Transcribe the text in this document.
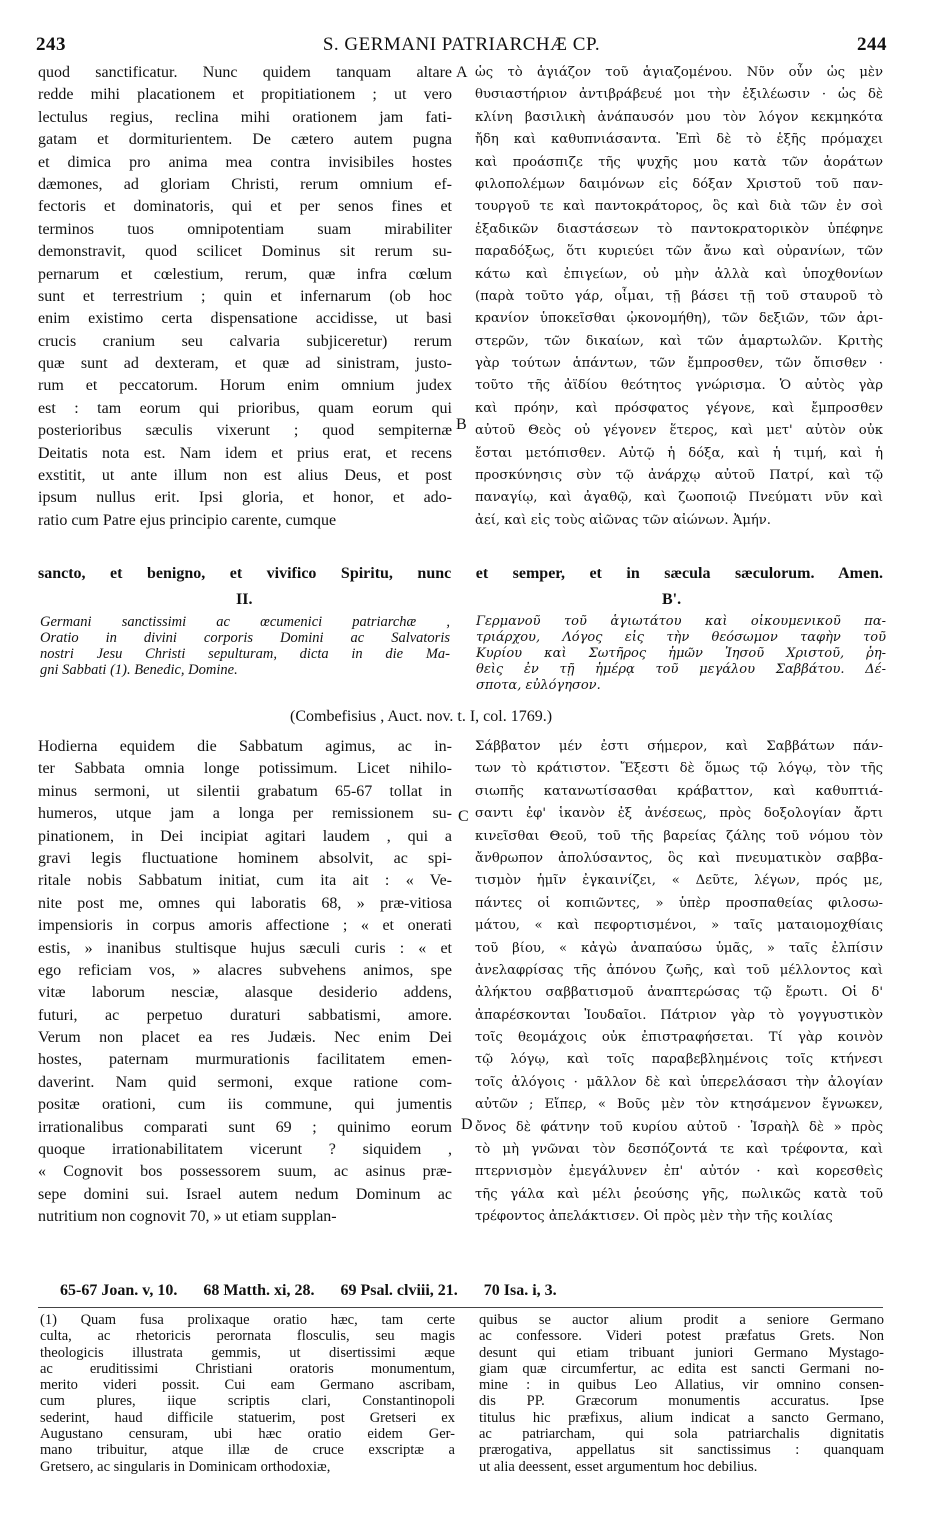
243	S. GERMANI PATRIARCHÆ CP.	244
quod sanctificatur. Nunc quidem tanquam altare
redde mihi placationem et propitiationem ; ut vero
lectulus regius, reclina mihi orationem jam fati-
gatam et dormiturientem. De cætero autem pugna
et dimica pro anima mea contra invisibiles hostes
dæmones, ad gloriam Christi, rerum omnium ef-
fectoris et dominatoris, qui et per senos fines et
terminos tuos omnipotentiam suam mirabiliter
demonstravit, quod scilicet Dominus sit rerum su-
pernarum et cœlestium, rerum, quæ infra cœlum
sunt et terrestrium ; quin et infernarum (ob hoc
enim existimo certa dispensatione accidisse, ut basi
crucis cranium seu calvaria subjiceretur) rerum
quæ sunt ad dexteram, et quæ ad sinistram, justo-
rum et peccatorum. Horum enim omnium judex
est : tam eorum qui prioribus, quam eorum qui
posterioribus sæculis vixerunt ; quod sempiternæ
Deitatis nota est. Nam idem et prius erat, et recens
exstitit, ut ante illum non est alius Deus, et post
ipsum nullus erit. Ipsi gloria, et honor, et ado-
ratio cum Patre ejus principio carente, cumque
ὡς τὸ ἁγιάζον τοῦ ἁγιαζομένου. Νῦν οὖν ὡς μὲν
θυσιαστήριον ἀντιβράβευέ μοι τὴν ἐξιλέωσιν · ὡς δὲ
κλίνη βασιλικὴ ἀνάπαυσόν μου τὸν λόγον κεκμηκότα
ἤδη καὶ καθυπνιάσαντα. Ἐπὶ δὲ τὸ ἑξῆς πρόμαχει
καὶ προάσπιζε τῆς ψυχῆς μου κατὰ τῶν ἀοράτων
φιλοπολέμων δαιμόνων εἰς δόξαν Χριστοῦ τοῦ παν-
τουργοῦ τε καὶ παντοκράτορος, ὃς καὶ διὰ τῶν ἐν σοὶ
ἑξαδικῶν διαστάσεων τὸ παντοκρατορικὸν ὑπέφηνε
παραδόξως, ὅτι κυριεύει τῶν ἄνω καὶ οὐρανίων, τῶν
κάτω καὶ ἐπιγείων, οὐ μὴν ἀλλὰ καὶ ὑποχθονίων
(παρὰ τοῦτο γάρ, οἶμαι, τῇ βάσει τῇ τοῦ σταυροῦ τὸ
κρανίον ὑποκεῖσθαι ᾠκονομήθη), τῶν δεξιῶν, τῶν ἀρι-
στερῶν, τῶν δικαίων, καὶ τῶν ἁμαρτωλῶν. Κριτὴς
γὰρ τούτων ἁπάντων, τῶν ἔμπροσθεν, τῶν ὄπισθεν ·
τοῦτο τῆς ἀϊδίου θεότητος γνώρισμα. Ὁ αὐτὸς γὰρ
καὶ πρόην, καὶ πρόσφατος γέγονε, καὶ ἔμπροσθεν
αὐτοῦ Θεὸς οὐ γέγονεν ἕτερος, καὶ μετ' αὐτὸν οὐκ
ἔσται μετόπισθεν. Αὐτῷ ἡ δόξα, καὶ ἡ τιμή, καὶ ἡ
προσκύνησις σὺν τῷ ἀνάρχῳ αὐτοῦ Πατρί, καὶ τῷ
παναγίῳ, καὶ ἀγαθῷ, καὶ ζωοποιῷ Πνεύματι νῦν καὶ
ἀεί, καὶ εἰς τοὺς αἰῶνας τῶν αἰώνων. Ἀμήν.
A
B
C
D
sancto, et benigno, et vivifico Spiritu, nunc et semper, et in sæcula sæculorum. Amen.
II.	Β'.
Germani sanctissimi ac œcumenici patriarchæ ,
Oratio in divini corporis Domini ac Salvatoris
nostri Jesu Christi sepulturam, dicta in die Ma-
gni Sabbati (1). Benedic, Domine.
Γερμανοῦ τοῦ ἁγιωτάτου καὶ οἰκουμενικοῦ πα-
τριάρχου, Λόγος εἰς τὴν θεόσωμον ταφὴν τοῦ
Κυρίου καὶ Σωτῆρος ἡμῶν Ἰησοῦ Χριστοῦ, ῥη-
θεὶς ἐν τῇ ἡμέρᾳ τοῦ μεγάλου Σαββάτου. Δέ-
σποτα, εὐλόγησον.
(Combefisius , Auct. nov. t. I, col. 1769.)
Hodierna equidem die Sabbatum agimus, ac in-
ter Sabbata omnia longe potissimum. Licet nihilo-
minus sermoni, ut silentii grabatum 65-67 tollat in
humeros, utque jam a longa per remissionem su-
pinationem, in Dei incipiat agitari laudem , qui a
gravi legis fluctuatione hominem absolvit, ac spi-
ritale nobis Sabbatum initiat, cum ita ait : « Ve-
nite post me, omnes qui laboratis 68, » præ-vitiosa
impensioris in corpus amoris affectione ; « et onerati
estis, » inanibus stultisque hujus sæculi curis : « et
ego reficiam vos, » alacres subvehens animos, spe
vitæ laborum nesciæ, alasque desiderio addens,
futuri, ac perpetuo duraturi sabbatismi, amore.
Verum non placet ea res Judæis. Nec enim Dei
hostes, paternam murmurationis facilitatem emen-
daverint. Nam quid sermoni, exque ratione com-
positæ orationi, cum iis commune, qui jumentis
irrationalibus comparati sunt 69 ; quinimo eorum
quoque irrationabilitatem vicerunt ? siquidem ,
« Cognovit bos possessorem suum, ac asinus præ-
sepe domini sui. Israel autem nedum Dominum ac
nutritium non cognovit 70, » ut etiam supplan-
Σάββατον μέν ἐστι σήμερον, καὶ Σαββάτων πάν-
των τὸ κράτιστον. Ἔξεστι δὲ ὅμως τῷ λόγῳ, τὸν τῆς
σιωπῆς κατανωτίσασθαι κράβαττον, καὶ καθυπτιά-
σαντι ἐφ' ἱκανὸν ἐξ ἀνέσεως, πρὸς δοξολογίαν ἄρτι
κινεῖσθαι Θεοῦ, τοῦ τῆς βαρείας ζάλης τοῦ νόμου τὸν
ἄνθρωπον ἀπολύσαντος, ὃς καὶ πνευματικὸν σαββα-
τισμὸν ἡμῖν ἐγκαινίζει, « Δεῦτε, λέγων, πρός με,
πάντες οἱ κοπιῶντες, » ὑπὲρ προσπαθείας φιλοσω-
μάτου, « καὶ πεφορτισμένοι, » ταῖς ματαιομοχθίαις
τοῦ βίου, « κἀγὼ ἀναπαύσω ὑμᾶς, » ταῖς ἐλπίσιν
ἀνελαφρίσας τῆς ἀπόνου ζωῆς, καὶ τοῦ μέλλοντος καὶ
ἀλήκτου σαββατισμοῦ ἀναπτερώσας τῷ ἔρωτι. Οἱ δ'
ἀπαρέσκονται Ἰουδαῖοι. Πάτριον γὰρ τὸ γογγυστικὸν
τοῖς θεομάχοις οὐκ ἐπιστραφήσεται. Τί γὰρ κοινὸν
τῷ λόγῳ, καὶ τοῖς παραβεβλημένοις τοῖς κτήνεσι
τοῖς ἀλόγοις · μᾶλλον δὲ καὶ ὑπερελάσασι τὴν ἀλογίαν
αὐτῶν ; Εἴπερ, « Βοῦς μὲν τὸν κτησάμενον ἔγνωκεν,
ὄνος δὲ φάτνην τοῦ κυρίου αὐτοῦ · Ἰσραὴλ δὲ » πρὸς
τὸ μὴ γνῶναι τὸν δεσπόζοντά τε καὶ τρέφοντα, καὶ
πτερνισμὸν ἐμεγάλυνεν ἐπ' αὐτόν · καὶ κορεσθεὶς
τῆς γάλα καὶ μέλι ῥεούσης γῆς, πωλικῶς κατὰ τοῦ
τρέφοντος ἀπελάκτισεν. Οἱ πρὸς μὲν τὴν τῆς κοιλίας
65-67 Joan. v, 10. 68 Matth. xi, 28. 69 Psal. clviii, 21. 70 Isa. i, 3.
(1) Quam fusa prolixaque oratio hæc, tam certe
culta, ac rhetoricis perornata flosculis, seu magis
theologicis illustrata gemmis, ut disertissimi æque
ac eruditissimi Christiani oratoris monumentum,
merito videri possit. Cui eam Germano ascribam,
cum plures, iique scriptis clari, Constantinopoli
sederint, haud difficile statuerim, post Gretseri ex
Augustano censuram, ubi hæc oratio eidem Ger-
mano tribuitur, atque illæ de cruce exscriptæ a
Gretsero, ac singularis in Dominicam orthodoxiæ,
quibus se auctor alium prodit a seniore Germano
ac confessore. Videri potest præfatus Grets. Non
desunt qui etiam tribuant juniori Germano Mystago-
giam quæ circumfertur, ac edita est sancti Germani no-
mine : in quibus Leo Allatius, vir omnino consen-
dis PP. Græcorum monumentis accuratus. Ipse
titulus hic præfixus, alium indicat a sancto Germano,
ac patriarcham, qui sola patriarchalis dignitatis
prærogativa, appellatus sit sanctissimus : quanquam
ut alia deessent, esset argumentum hoc debilius.
